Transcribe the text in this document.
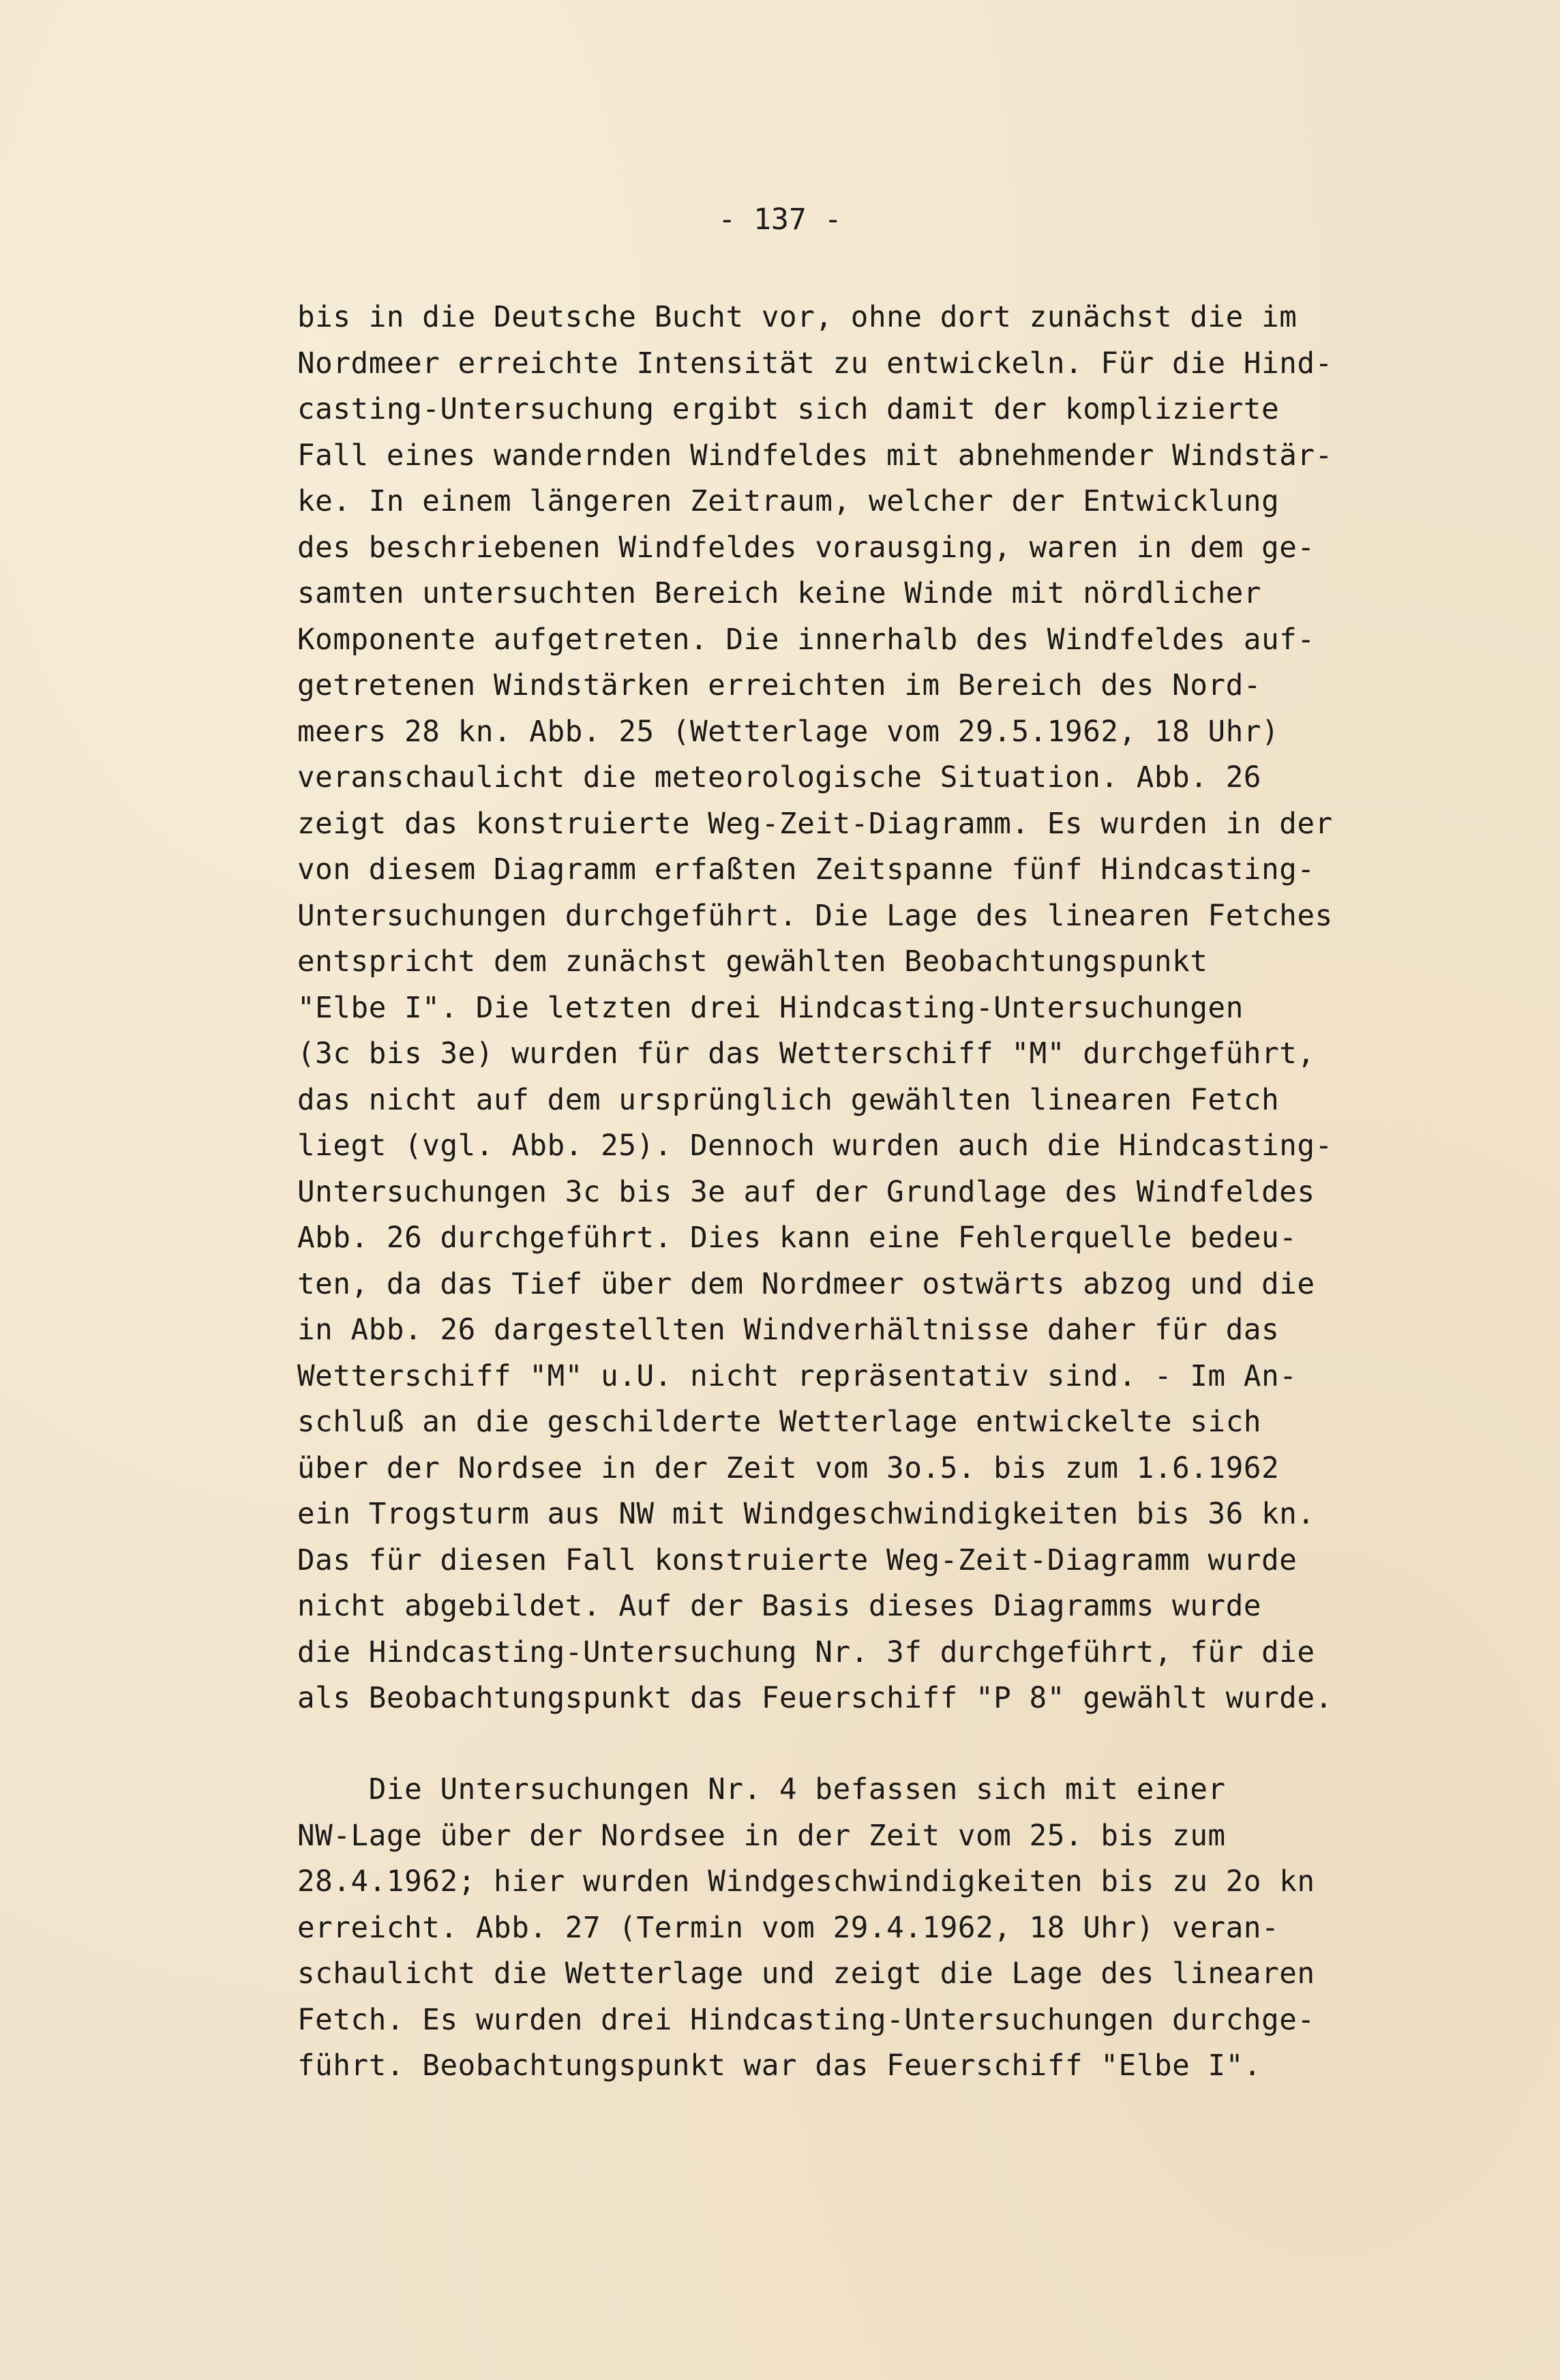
- 137 -
bis in die Deutsche Bucht vor, ohne dort zunächst die im
Nordmeer erreichte Intensität zu entwickeln. Für die Hind-
casting-Untersuchung ergibt sich damit der komplizierte
Fall eines wandernden Windfeldes mit abnehmender Windstär-
ke. In einem längeren Zeitraum, welcher der Entwicklung
des beschriebenen Windfeldes vorausging, waren in dem ge-
samten untersuchten Bereich keine Winde mit nördlicher
Komponente aufgetreten. Die innerhalb des Windfeldes auf-
getretenen Windstärken erreichten im Bereich des Nord-
meers 28 kn. Abb. 25 (Wetterlage vom 29.5.1962, 18 Uhr)
veranschaulicht die meteorologische Situation. Abb. 26
zeigt das konstruierte Weg-Zeit-Diagramm. Es wurden in der
von diesem Diagramm erfaßten Zeitspanne fünf Hindcasting-
Untersuchungen durchgeführt. Die Lage des linearen Fetches
entspricht dem zunächst gewählten Beobachtungspunkt
"Elbe I". Die letzten drei Hindcasting-Untersuchungen
(3c bis 3e) wurden für das Wetterschiff "M" durchgeführt,
das nicht auf dem ursprünglich gewählten linearen Fetch
liegt (vgl. Abb. 25). Dennoch wurden auch die Hindcasting-
Untersuchungen 3c bis 3e auf der Grundlage des Windfeldes
Abb. 26 durchgeführt. Dies kann eine Fehlerquelle bedeu-
ten, da das Tief über dem Nordmeer ostwärts abzog und die
in Abb. 26 dargestellten Windverhältnisse daher für das
Wetterschiff "M" u.U. nicht repräsentativ sind. - Im An-
schluß an die geschilderte Wetterlage entwickelte sich
über der Nordsee in der Zeit vom 3o.5. bis zum 1.6.1962
ein Trogsturm aus NW mit Windgeschwindigkeiten bis 36 kn.
Das für diesen Fall konstruierte Weg-Zeit-Diagramm wurde
nicht abgebildet. Auf der Basis dieses Diagramms wurde
die Hindcasting-Untersuchung Nr. 3f durchgeführt, für die
als Beobachtungspunkt das Feuerschiff "P 8" gewählt wurde.
Die Untersuchungen Nr. 4 befassen sich mit einer
NW-Lage über der Nordsee in der Zeit vom 25. bis zum
28.4.1962; hier wurden Windgeschwindigkeiten bis zu 2o kn
erreicht. Abb. 27 (Termin vom 29.4.1962, 18 Uhr) veran-
schaulicht die Wetterlage und zeigt die Lage des linearen
Fetch. Es wurden drei Hindcasting-Untersuchungen durchge-
führt. Beobachtungspunkt war das Feuerschiff "Elbe I".
